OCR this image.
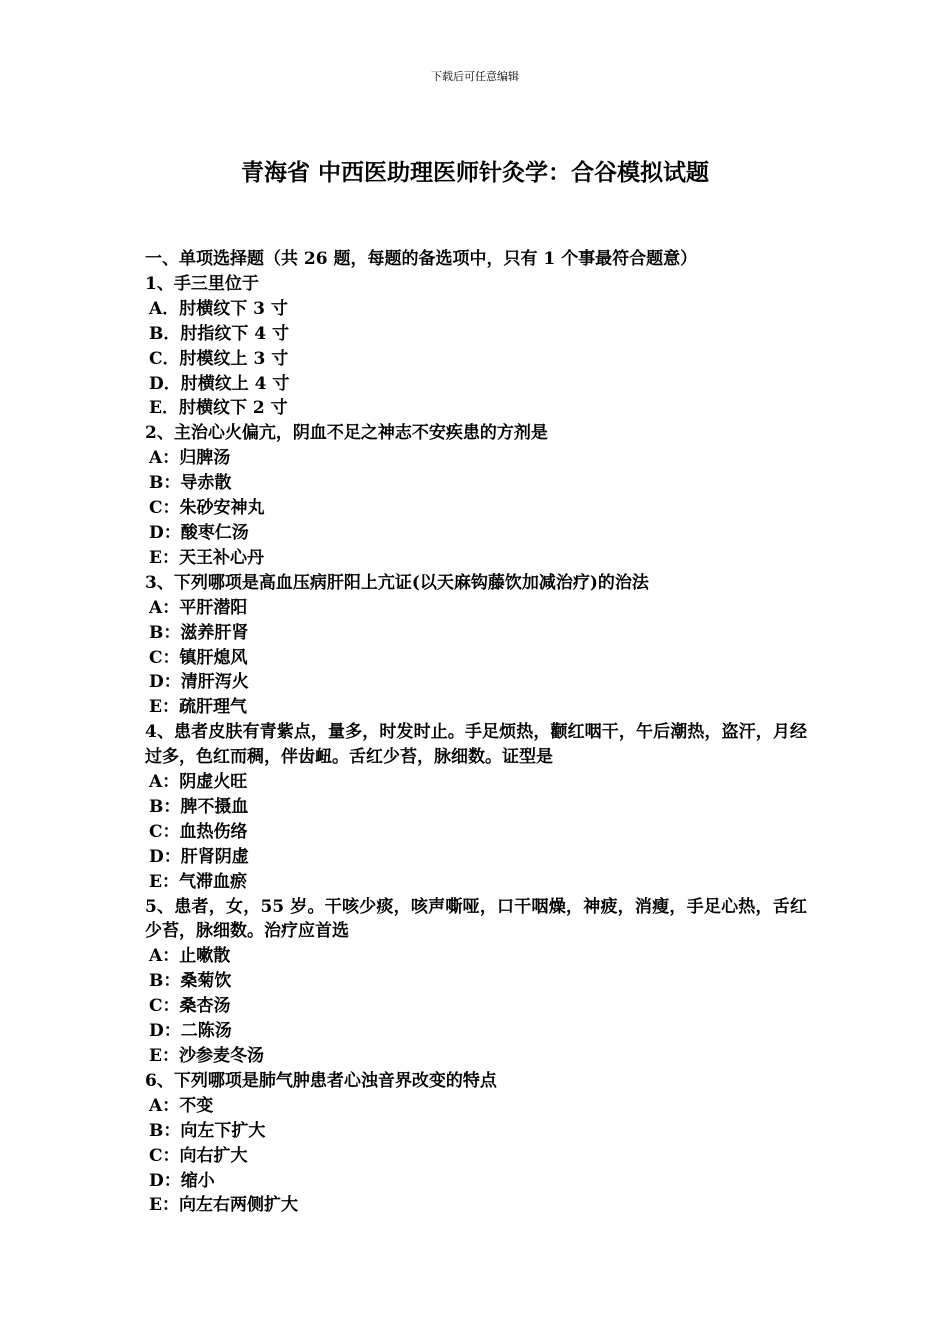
下载后可任意编辑
青海省 中西医助理医师针灸学：合谷模拟试题
一、单项选择题（共 26 题，每题的备选项中，只有 1 个事最符合题意）
1、手三里位于
A．肘横纹下 3 寸
B．肘指纹下 4 寸
C．肘模纹上 3 寸
D．肘横纹上 4 寸
E．肘横纹下 2 寸
2、主治心火偏亢，阴血不足之神志不安疾患的方剂是
A：归脾汤
B：导赤散
C：朱砂安神丸
D：酸枣仁汤
E：天王补心丹
3、下列哪项是高血压病肝阳上亢证(以天麻钩藤饮加减治疗)的治法
A：平肝潜阳
B：滋养肝肾
C：镇肝熄风
D：清肝泻火
E：疏肝理气
4、患者皮肤有青紫点，量多，时发时止。手足烦热，颧红咽干，午后潮热，盗汗，月经过多，色红而稠，伴齿衄。舌红少苔，脉细数。证型是
A：阴虚火旺
B：脾不摄血
C：血热伤络
D：肝肾阴虚
E：气滞血瘀
5、患者，女，55 岁。干咳少痰，咳声嘶哑，口干咽燥，神疲，消瘦，手足心热，舌红少苔，脉细数。治疗应首选
A：止嗽散
B：桑菊饮
C：桑杏汤
D：二陈汤
E：沙参麦冬汤
6、下列哪项是肺气肿患者心浊音界改变的特点
A：不变
B：向左下扩大
C：向右扩大
D：缩小
E：向左右两侧扩大
